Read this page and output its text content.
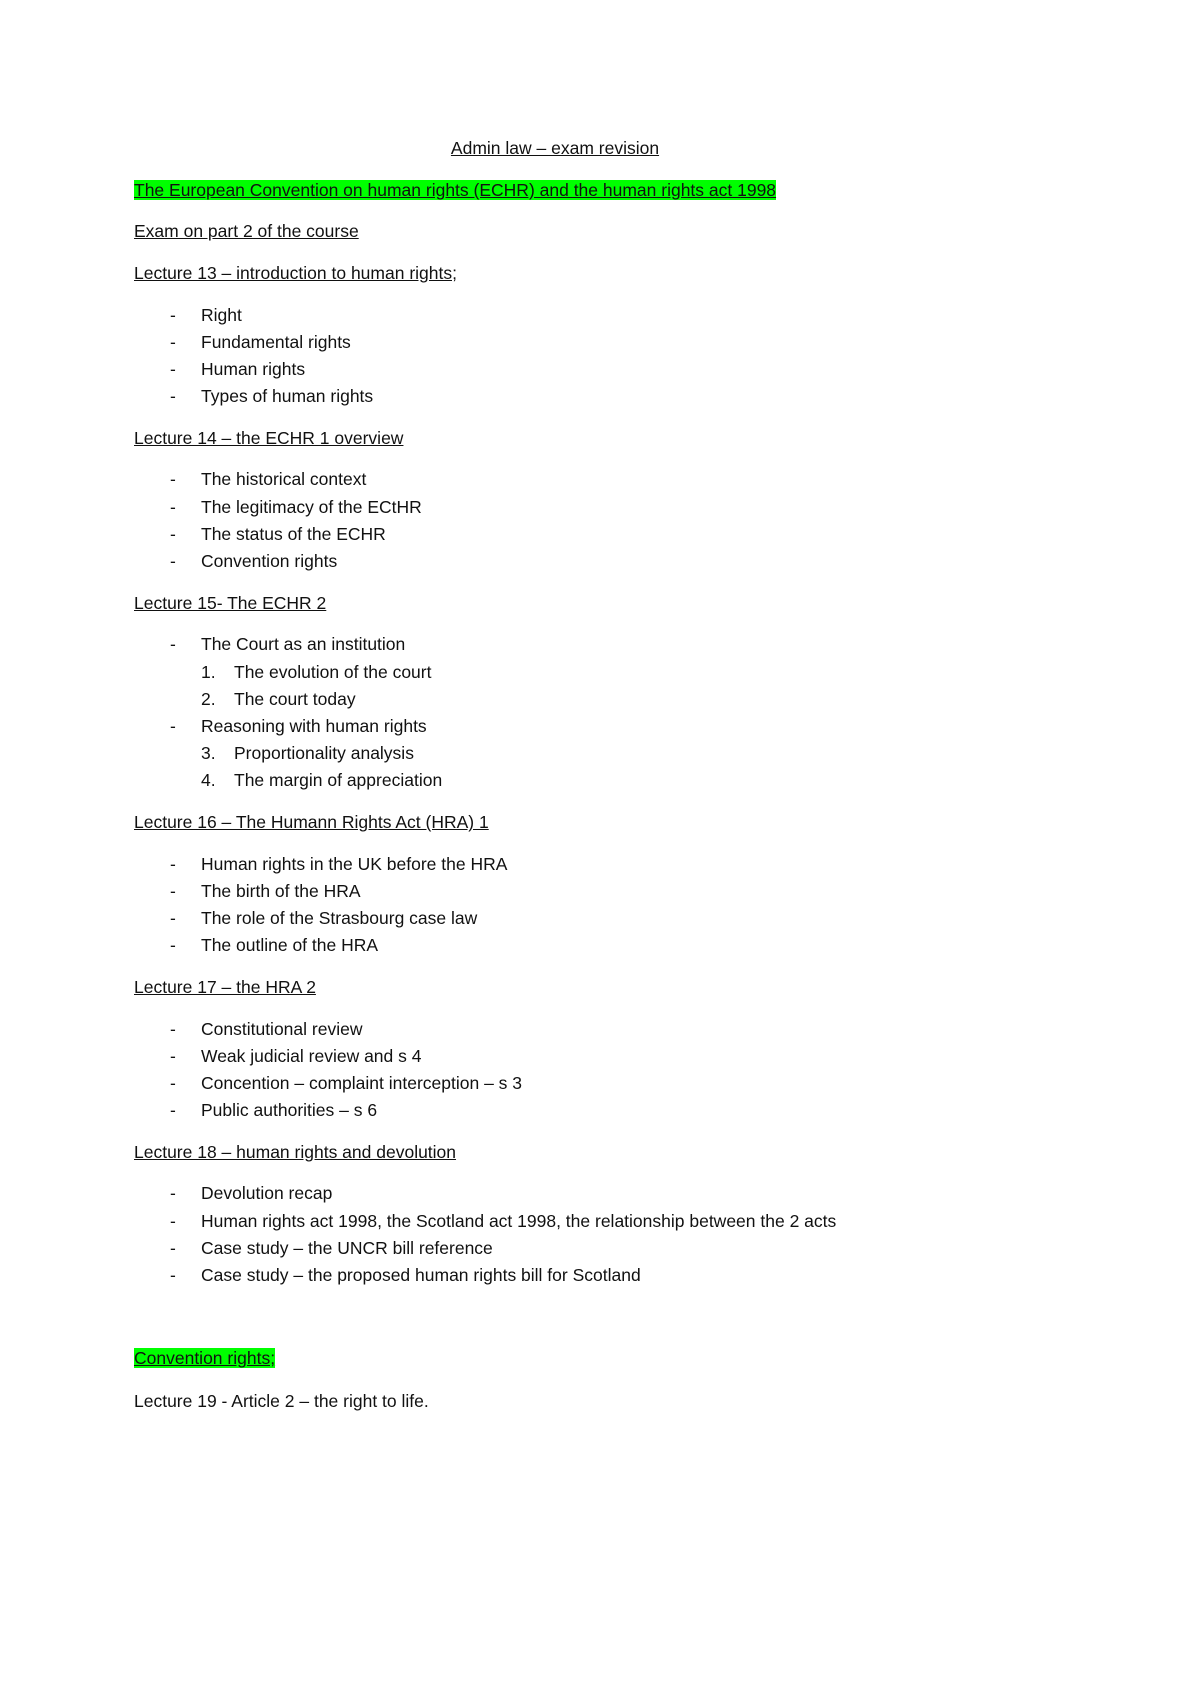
Admin law – exam revision
The European Convention on human rights (ECHR) and the human rights act 1998
Exam on part 2 of the course
Lecture 13 – introduction to human rights;
- Right
- Fundamental rights
- Human rights
- Types of human rights
Lecture 14 – the ECHR 1 overview
- The historical context
- The legitimacy of the ECtHR
- The status of the ECHR
- Convention rights
Lecture 15- The ECHR 2
- The Court as an institution
1. The evolution of the court
2. The court today
- Reasoning with human rights
3. Proportionality analysis
4. The margin of appreciation
Lecture 16 – The Humann Rights Act (HRA) 1
- Human rights in the UK before the HRA
- The birth of the HRA
- The role of the Strasbourg case law
- The outline of the HRA
Lecture 17 – the HRA 2
- Constitutional review
- Weak judicial review and s 4
- Concention – complaint interception – s 3
- Public authorities – s 6
Lecture 18 – human rights and devolution
- Devolution recap
- Human rights act 1998, the Scotland act 1998, the relationship between the 2 acts
- Case study – the UNCR bill reference
- Case study – the proposed human rights bill for Scotland
Convention rights;
Lecture 19 - Article 2 – the right to life.
